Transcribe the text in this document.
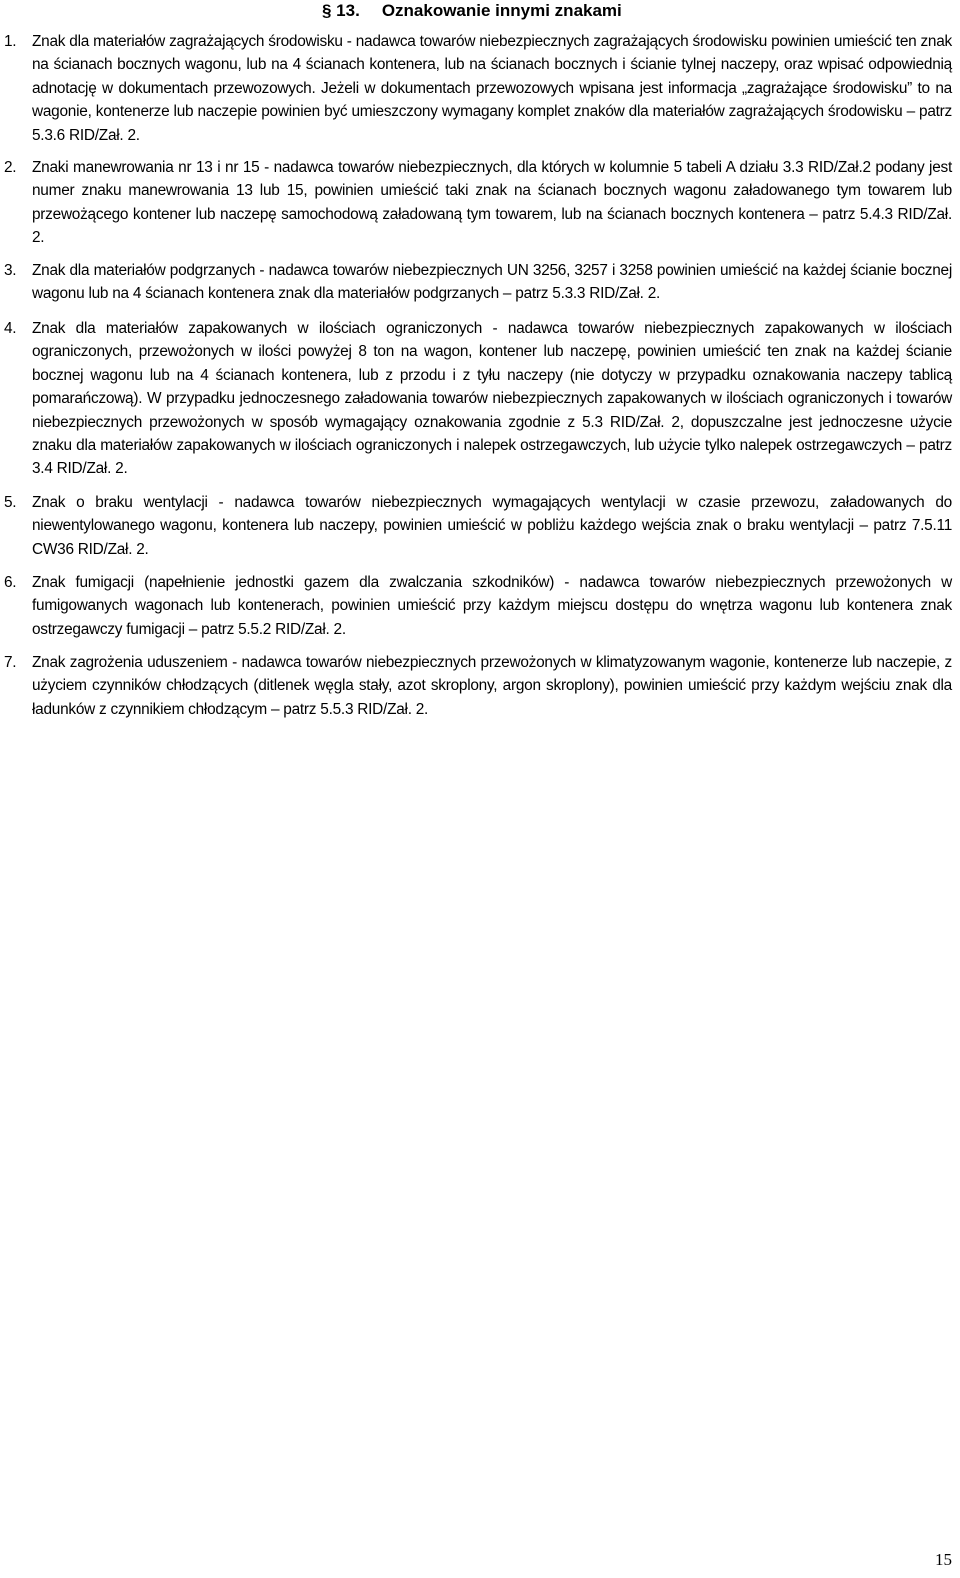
§ 13. Oznakowanie innymi znakami
1. Znak dla materiałów zagrażających środowisku - nadawca towarów niebezpiecznych zagrażających środowisku powinien umieścić ten znak na ścianach bocznych wagonu, lub na 4 ścianach kontenera, lub na ścianach bocznych i ścianie tylnej naczepy, oraz wpisać odpowiednią adnotację w dokumentach przewozowych. Jeżeli w dokumentach przewozowych wpisana jest informacja „zagrażające środowisku” to na wagonie, kontenerze lub naczepie powinien być umieszczony wymagany komplet znaków dla materiałów zagrażających środowisku – patrz 5.3.6 RID/Zał. 2.
2. Znaki manewrowania nr 13 i nr 15 - nadawca towarów niebezpiecznych, dla których w kolumnie 5 tabeli A działu 3.3 RID/Zał.2 podany jest numer znaku manewrowania 13 lub 15, powinien umieścić taki znak na ścianach bocznych wagonu załadowanego tym towarem lub przewożącego kontener lub naczepę samochodową załadowaną tym towarem, lub na ścianach bocznych kontenera – patrz 5.4.3 RID/Zał. 2.
3. Znak dla materiałów podgrzanych - nadawca towarów niebezpiecznych UN 3256, 3257 i 3258 powinien umieścić na każdej ścianie bocznej wagonu lub na 4 ścianach kontenera znak dla materiałów podgrzanych – patrz 5.3.3 RID/Zał. 2.
4. Znak dla materiałów zapakowanych w ilościach ograniczonych - nadawca towarów niebezpiecznych zapakowanych w ilościach ograniczonych, przewożonych w ilości powyżej 8 ton na wagon, kontener lub naczepę, powinien umieścić ten znak na każdej ścianie bocznej wagonu lub na 4 ścianach kontenera, lub z przodu i z tyłu naczepy (nie dotyczy w przypadku oznakowania naczepy tablicą pomarańczową). W przypadku jednoczesnego załadowania towarów niebezpiecznych zapakowanych w ilościach ograniczonych i towarów niebezpiecznych przewożonych w sposób wymagający oznakowania zgodnie z 5.3 RID/Zał. 2, dopuszczalne jest jednoczesne użycie znaku dla materiałów zapakowanych w ilościach ograniczonych i nalepek ostrzegawczych, lub użycie tylko nalepek ostrzegawczych – patrz 3.4 RID/Zał. 2.
5. Znak o braku wentylacji - nadawca towarów niebezpiecznych wymagających wentylacji w czasie przewozu, załadowanych do niewentylowanego wagonu, kontenera lub naczepy, powinien umieścić w pobliżu każdego wejścia znak o braku wentylacji – patrz 7.5.11 CW36 RID/Zał. 2.
6. Znak fumigacji (napełnienie jednostki gazem dla zwalczania szkodników) - nadawca towarów niebezpiecznych przewożonych w fumigowanych wagonach lub kontenerach, powinien umieścić przy każdym miejscu dostępu do wnętrza wagonu lub kontenera znak ostrzegawczy fumigacji – patrz 5.5.2 RID/Zał. 2.
7. Znak zagrożenia uduszeniem - nadawca towarów niebezpiecznych przewożonych w klimatyzowanym wagonie, kontenerze lub naczepie, z użyciem czynników chłodzących (ditlenek węgla stały, azot skroplony, argon skroplony), powinien umieścić przy każdym wejściu znak dla ładunków z czynnikiem chłodzącym – patrz 5.5.3 RID/Zał. 2.
15
